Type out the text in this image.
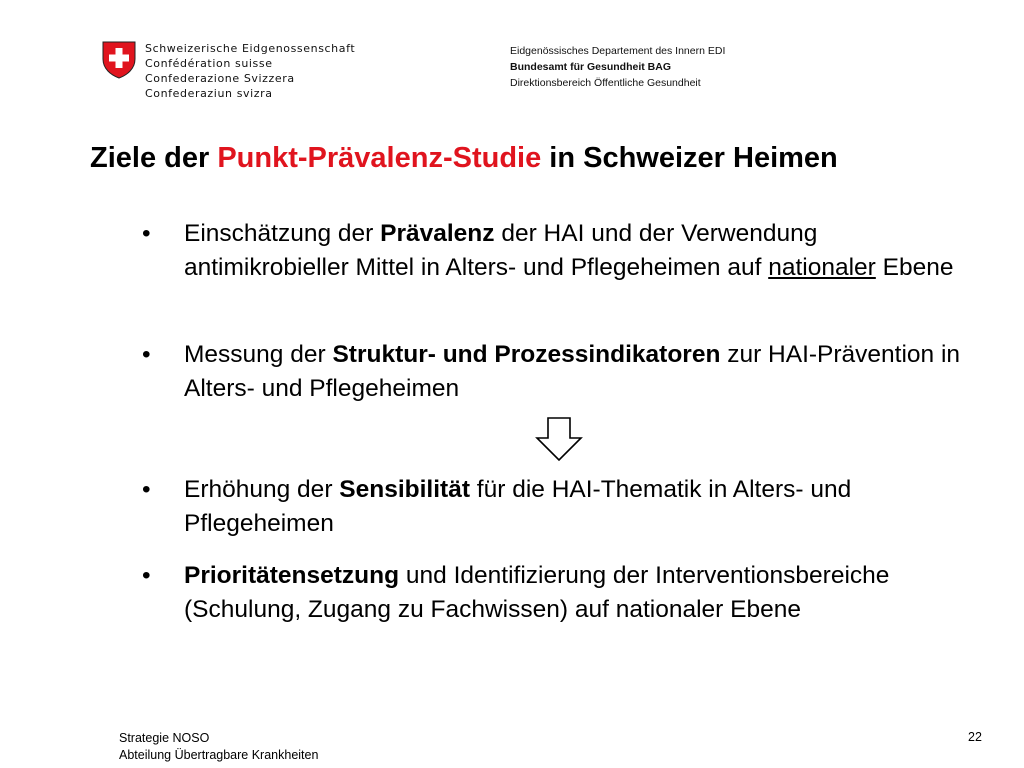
Schweizerische Eidgenossenschaft
Confédération suisse
Confederazione Svizzera
Confederaziun svizra
Eidgenössisches Departement des Innern EDI
Bundesamt für Gesundheit BAG
Direktionsbereich Öffentliche Gesundheit
Ziele der Punkt-Prävalenz-Studie in Schweizer Heimen
• Einschätzung der Prävalenz der HAI und der Verwendung antimikrobieller Mittel in Alters- und Pflegeheimen auf nationaler Ebene
• Messung der Struktur- und Prozessindikatoren zur HAI-Prävention in Alters- und Pflegeheimen
• Erhöhung der Sensibilität für die HAI-Thematik in Alters- und Pflegeheimen
• Prioritätensetzung und Identifizierung der Interventionsbereiche (Schulung, Zugang zu Fachwissen) auf nationaler Ebene
Strategie NOSO
Abteilung Übertragbare Krankheiten
22
